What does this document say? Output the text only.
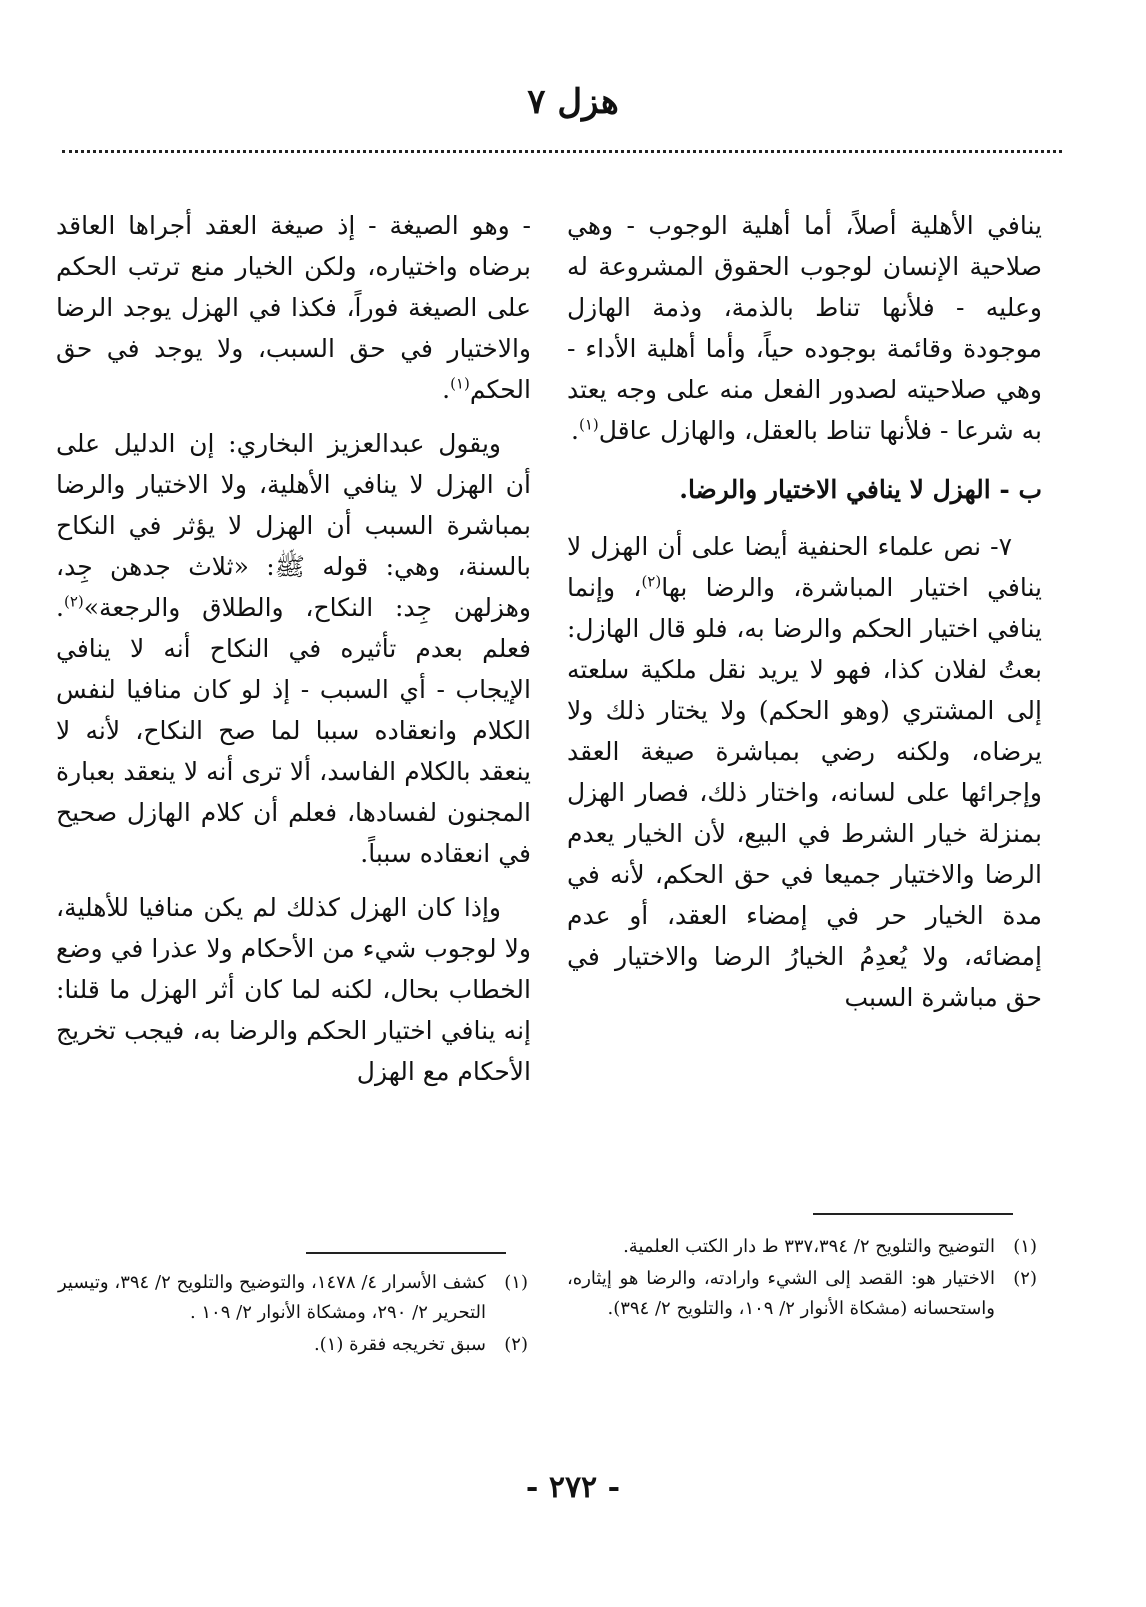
هزل ٧

ينافي الأهلية أصلاً، أما أهلية الوجوب - وهي صلاحية الإنسان لوجوب الحقوق المشروعة له وعليه - فلأنها تناط بالذمة، وذمة الهازل موجودة وقائمة بوجوده حياً، وأما أهلية الأداء - وهي صلاحيته لصدور الفعل منه على وجه يعتد به شرعا - فلأنها تناط بالعقل، والهازل عاقل$^{(١)}$.

ب - الهزل لا ينافي الاختيار والرضا.

٧- نص علماء الحنفية أيضا على أن الهزل لا ينافي اختيار المباشرة، والرضا بها$^{(٢)}$، وإنما ينافي اختيار الحكم والرضا به، فلو قال الهازل: بعتُ لفلان كذا، فهو لا يريد نقل ملكية سلعته إلى المشتري (وهو الحكم) ولا يختار ذلك ولا يرضاه، ولكنه رضي بمباشرة صيغة العقد وإجرائها على لسانه، واختار ذلك، فصار الهزل بمنزلة خيار الشرط في البيع، لأن الخيار يعدم الرضا والاختيار جميعا في حق الحكم، لأنه في مدة الخيار حر في إمضاء العقد، أو عدم إمضائه، ولا يُعدِمُ الخيارُ الرضا والاختيار في حق مباشرة السبب

- وهو الصيغة - إذ صيغة العقد أجراها العاقد برضاه واختياره، ولكن الخيار منع ترتب الحكم على الصيغة فوراً، فكذا في الهزل يوجد الرضا والاختيار في حق السبب، ولا يوجد في حق الحكم$^{(١)}$.

ويقول عبدالعزيز البخاري: إن الدليل على أن الهزل لا ينافي الأهلية، ولا الاختيار والرضا بمباشرة السبب أن الهزل لا يؤثر في النكاح بالسنة، وهي: قوله ﷺ: «ثلاث جدهن جِد، وهزلهن جِد: النكاح، والطلاق والرجعة»$^{(٢)}$. فعلم بعدم تأثيره في النكاح أنه لا ينافي الإيجاب - أي السبب - إذ لو كان منافيا لنفس الكلام وانعقاده سببا لما صح النكاح، لأنه لا ينعقد بالكلام الفاسد، ألا ترى أنه لا ينعقد بعبارة المجنون لفسادها، فعلم أن كلام الهازل صحيح في انعقاده سبباً.

وإذا كان الهزل كذلك لم يكن منافيا للأهلية، ولا لوجوب شيء من الأحكام ولا عذرا في وضع الخطاب بحال، لكنه لما كان أثر الهزل ما قلنا: إنه ينافي اختيار الحكم والرضا به، فيجب تخريج الأحكام مع الهزل

(١)
التوضيح والتلويح ٢/ ٣٣٧،٣٩٤ ط دار الكتب العلمية.
(٢)
الاختيار هو: القصد إلى الشيء وارادته، والرضا هو إيثاره، واستحسانه (مشكاة الأنوار ٢/ ١٠٩، والتلويح ٢/ ٣٩٤).
(١)
كشف الأسرار ٤/ ١٤٧٨، والتوضيح والتلويح ٢/ ٣٩٤، وتيسير التحرير ٢/ ٢٩٠، ومشكاة الأنوار ٢/ ١٠٩ .
(٢)
سبق تخريجه فقرة (١).
- ٢٧٢ -
